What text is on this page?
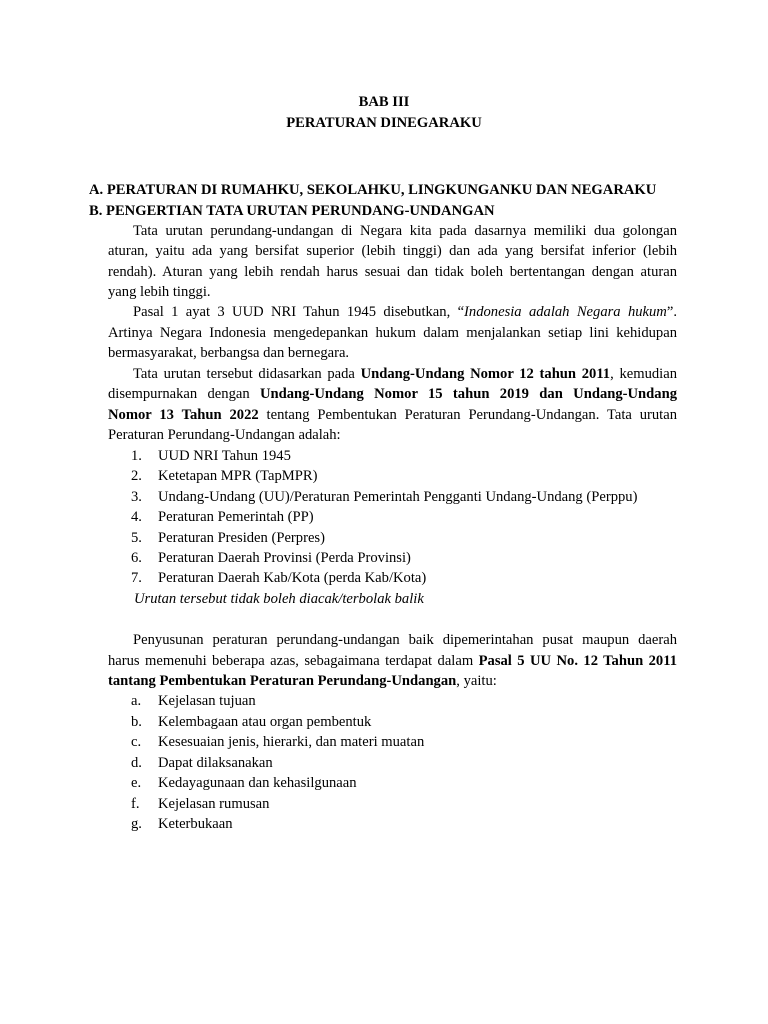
BAB III
PERATURAN DINEGARAKU
A. PERATURAN DI RUMAHKU, SEKOLAHKU, LINGKUNGANKU DAN NEGARAKU
B. PENGERTIAN TATA URUTAN PERUNDANG-UNDANGAN
Tata urutan perundang-undangan di Negara kita pada dasarnya memiliki dua golongan
aturan, yaitu ada yang bersifat superior (lebih tinggi) dan ada yang bersifat inferior (lebih
rendah). Aturan yang lebih rendah harus sesuai dan tidak boleh bertentangan dengan aturan
yang lebih tinggi.
Pasal 1 ayat 3 UUD NRI Tahun 1945 disebutkan, “Indonesia adalah Negara hukum”.
Artinya Negara Indonesia mengedepankan hukum dalam menjalankan setiap lini kehidupan
bermasyarakat, berbangsa dan bernegara.
Tata urutan tersebut didasarkan pada Undang-Undang Nomor 12 tahun 2011, kemudian
disempurnakan dengan Undang-Undang Nomor 15 tahun 2019 dan Undang-Undang
Nomor 13 Tahun 2022 tentang Pembentukan Peraturan Perundang-Undangan. Tata urutan
Peraturan Perundang-Undangan adalah:
1.	UUD NRI Tahun 1945
2.	Ketetapan MPR (TapMPR)
3.	Undang-Undang (UU)/Peraturan Pemerintah Pengganti Undang-Undang (Perppu)
4.	Peraturan Pemerintah (PP)
5.	Peraturan Presiden (Perpres)
6.	Peraturan Daerah Provinsi (Perda Provinsi)
7.	Peraturan Daerah Kab/Kota (perda Kab/Kota)
Urutan tersebut tidak boleh diacak/terbolak balik
Penyusunan peraturan perundang-undangan baik dipemerintahan pusat maupun daerah
harus memenuhi beberapa azas, sebagaimana terdapat dalam Pasal 5 UU No. 12 Tahun 2011
tantang Pembentukan Peraturan Perundang-Undangan, yaitu:
a.	Kejelasan tujuan
b.	Kelembagaan atau organ pembentuk
c.	Kesesuaian jenis, hierarki, dan materi muatan
d.	Dapat dilaksanakan
e.	Kedayagunaan dan kehasilgunaan
f.	Kejelasan rumusan
g.	Keterbukaan
